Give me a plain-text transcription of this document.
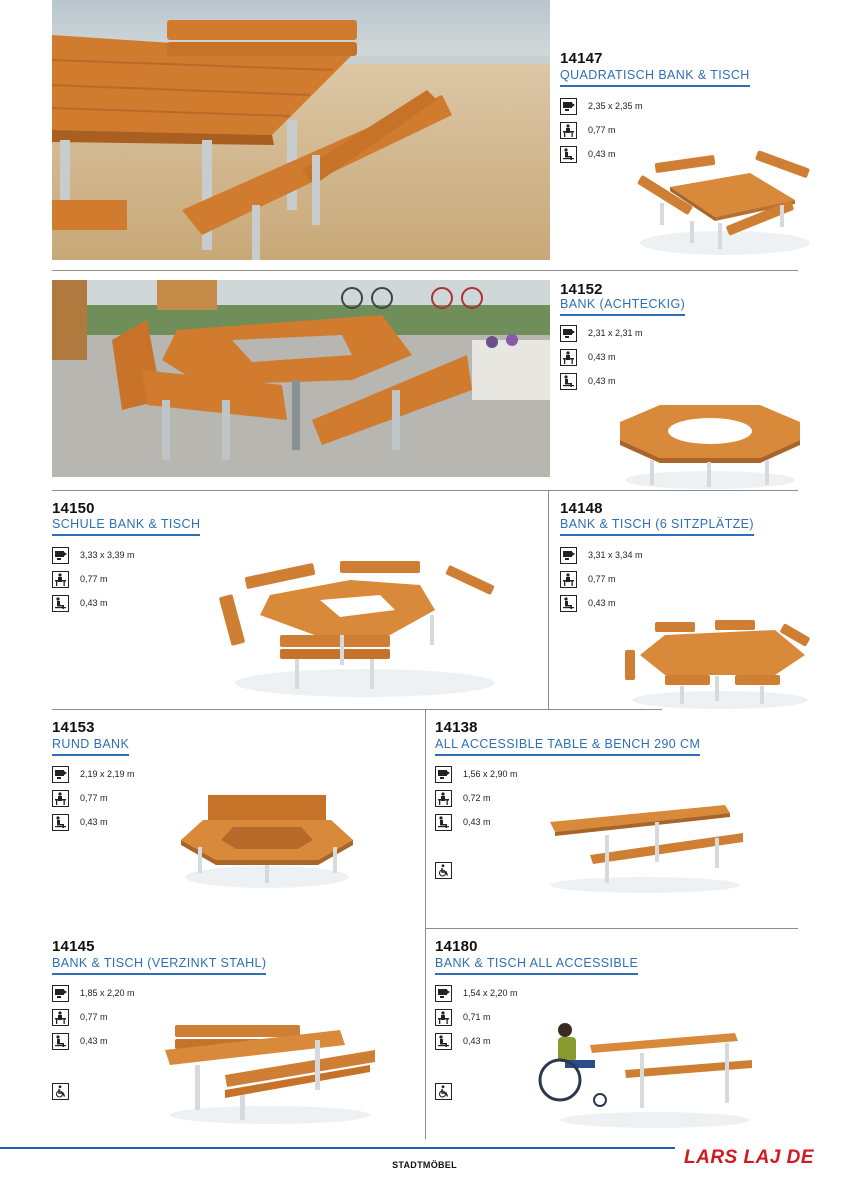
14147
QUADRATISCH BANK & TISCH
2,35 x 2,35 m
0,77 m
0,43 m
14152
BANK (ACHTECKIG)
2,31 x 2,31 m
0,43 m
0,43 m
14150
SCHULE BANK & TISCH
3,33 x 3,39 m
0,77 m
0,43 m
14148
BANK & TISCH (6 SITZPLÄTZE)
3,31 x 3,34 m
0,77 m
0,43 m
14153
RUND BANK
2,19 x 2,19 m
0,77 m
0,43 m
14138
ALL ACCESSIBLE TABLE & BENCH 290 CM
1,56 x 2,90 m
0,72 m
0,43 m
14145
BANK & TISCH (VERZINKT STAHL)
1,85 x 2,20 m
0,77 m
0,43 m
14180
BANK & TISCH ALL ACCESSIBLE
1,54 x 2,20 m
0,71 m
0,43 m
STADTMÖBEL	LARS LAJ DE
